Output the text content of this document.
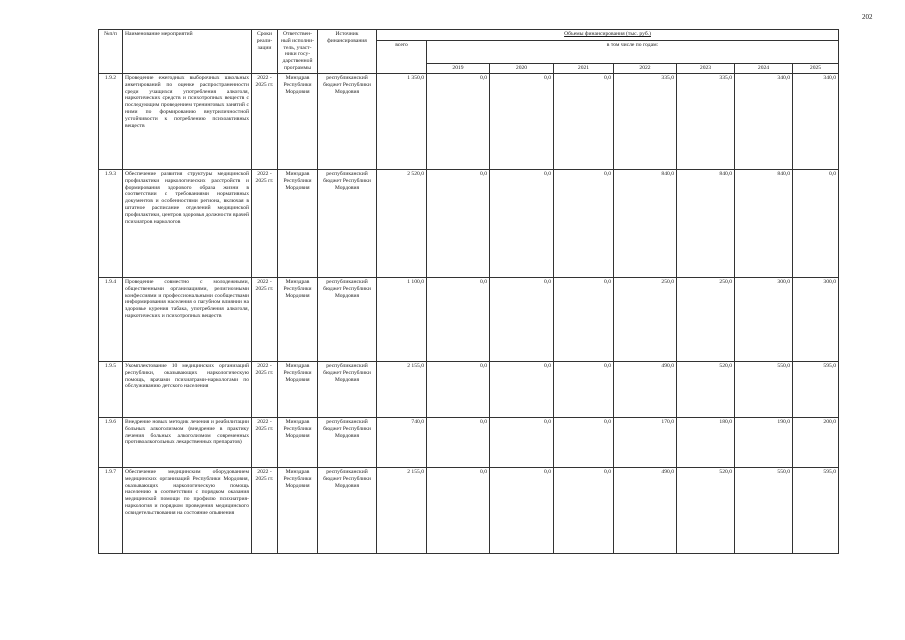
202
№п/п	Наименование мероприятий	Сроки реали-зации	Ответствен-ный исполни-тель, участ-ники госу-дарственной программы	Источник финансирования	Объемы финансирования (тыс. руб.)							
					всего	в том числе по годам:						
						2019	2020	2021	2022	2023	2024	2025
1.9.2	Проведение ежегодных выборочных школьных анкетирований по оценке распространенности среди учащихся употребления алкоголя, наркотических средств и психотропных веществ с последующим проведением тренинговых занятий с ними по формированию внутриличностной устойчивости к потреблению психоактивных веществ	2022 - 2025 гг.	Минздрав Республики Мордовия	республиканский бюджет Республики Мордовия	1 350,0	0,0	0,0	0,0	335,0	335,0	340,0	340,0
1.9.3	Обеспечение развития структуры медицинской профилактики наркологических расстройств и формирования здорового образа жизни в соответствии с требованиями нормативных документов и особенностями региона, включая в штатное расписание отделений медицинской профилактики, центров здоровья должности врачей психиатров наркологов	2022 - 2025 гг.	Минздрав Республики Мордовия	республиканский бюджет Республики Мордовия	2 520,0	0,0	0,0	0,0	840,0	840,0	840,0	0,0
1.9.4	Проведение совместно с молодежными, общественными организациями, религиозными конфессиями и профессиональными сообществами информирования населения о пагубном влиянии на здоровье курения табака, употребления алкоголя, наркотических и психотропных веществ	2022 - 2025 гг.	Минздрав Республики Мордовия	республиканский бюджет Республики Мордовия	1 100,0	0,0	0,0	0,0	250,0	250,0	300,0	300,0
1.9.5	Укомплектование 10 медицинских организаций республики, оказывающих наркологическую помощь, врачами психиатрами-наркологами по обслуживанию детского населения	2022 - 2025 гг.	Минздрав Республики Мордовия	республиканский бюджет Республики Мордовия	2 155,0	0,0	0,0	0,0	490,0	520,0	550,0	595,0
1.9.6	Внедрение новых методик лечения и реабилитации больных алкоголизмом (внедрение в практику лечения больных алкоголизмом современных противоалкогольных лекарственных препаратов)	2022 - 2025 гг.	Минздрав Республики Мордовия	республиканский бюджет Республики Мордовия	740,0	0,0	0,0	0,0	170,0	180,0	190,0	200,0
1.9.7	Обеспечение медицинским оборудованием медицинских организаций Республики Мордовия, оказывающих наркологическую помощь населению в соответствии с порядком оказания медицинской помощи по профилю психиатрия-наркология и порядком проведения медицинского освидетельствования на состояние опьянения	2022 - 2025 гг.	Минздрав Республики Мордовия	республиканский бюджет Республики Мордовия	2 155,0	0,0	0,0	0,0	490,0	520,0	550,0	595,0
